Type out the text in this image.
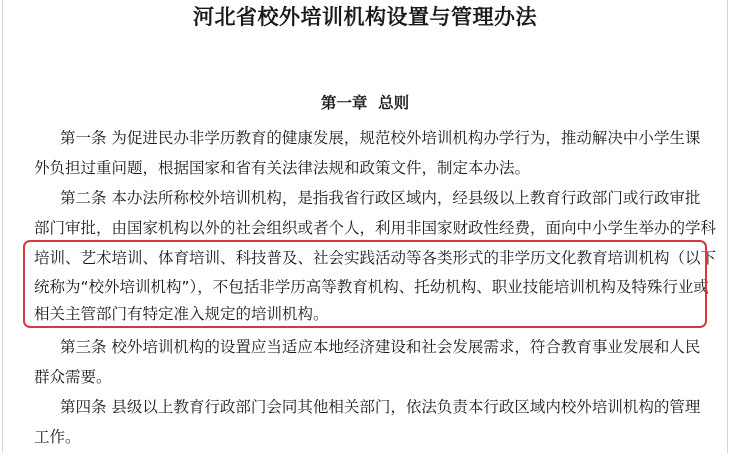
河北省校外培训机构设置与管理办法
第一章  总则

第一条 为促进民办非学历教育的健康发展，规范校外培训机构办学行为，推动解决中小学生课

外负担过重问题，根据国家和省有关法律法规和政策文件，制定本办法。

第二条 本办法所称校外培训机构，是指我省行政区域内，经县级以上教育行政部门或行政审批

部门审批，由国家机构以外的社会组织或者个人，利用非国家财政性经费，面向中小学生举办的学科

培训、艺术培训、体育培训、科技普及、社会实践活动等各类形式的非学历文化教育培训机构（以下

统称为“校外培训机构”），不包括非学历高等教育机构、托幼机构、职业技能培训机构及特殊行业或

相关主管部门有特定准入规定的培训机构。

第三条 校外培训机构的设置应当适应本地经济建设和社会发展需求，符合教育事业发展和人民

群众需要。

第四条 县级以上教育行政部门会同其他相关部门，依法负责本行政区域内校外培训机构的管理

工作。
